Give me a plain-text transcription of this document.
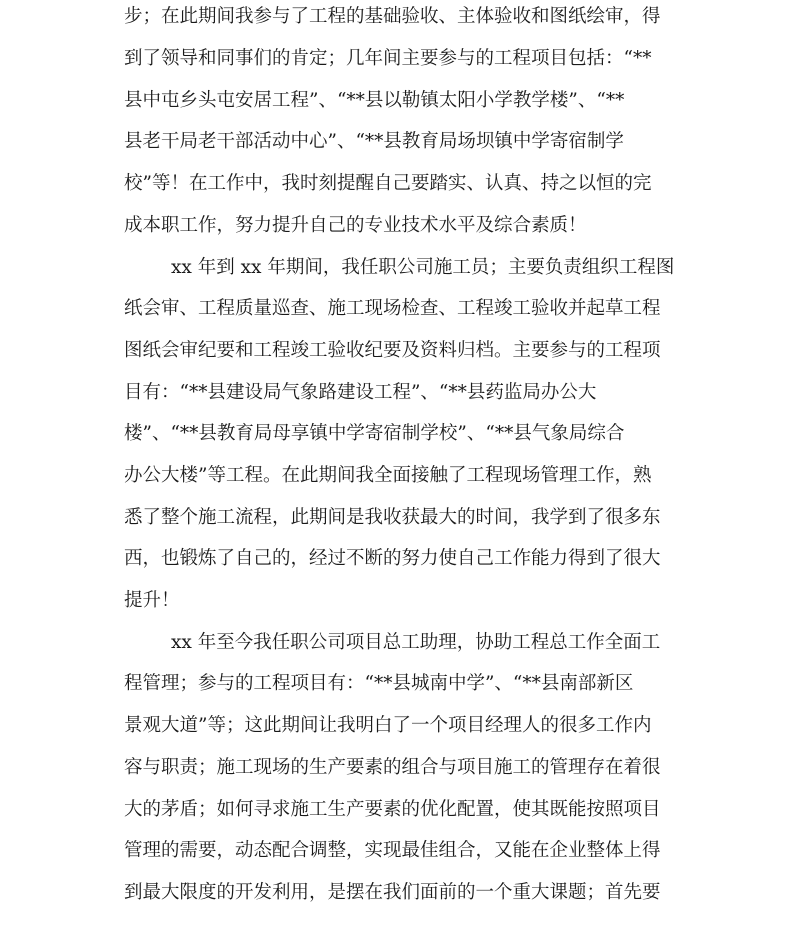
步；在此期间我参与了工程的基础验收、主体验收和图纸绘审，得

到了领导和同事们的肯定；几年间主要参与的工程项目包括：“**

县中屯乡头屯安居工程”、“**县以勒镇太阳小学教学楼”、“**

县老干局老干部活动中心”、“**县教育局场坝镇中学寄宿制学

校”等！在工作中，我时刻提醒自己要踏实、认真、持之以恒的完

成本职工作，努力提升自己的专业技术水平及综合素质！

xx 年到 xx 年期间，我任职公司施工员；主要负责组织工程图

纸会审、工程质量巡查、施工现场检查、工程竣工验收并起草工程

图纸会审纪要和工程竣工验收纪要及资料归档。主要参与的工程项

目有：“**县建设局气象路建设工程”、“**县药监局办公大

楼”、“**县教育局母享镇中学寄宿制学校”、“**县气象局综合

办公大楼”等工程。在此期间我全面接触了工程现场管理工作，熟

悉了整个施工流程，此期间是我收获最大的时间，我学到了很多东

西，也锻炼了自己的，经过不断的努力使自己工作能力得到了很大

提升！

xx 年至今我任职公司项目总工助理，协助工程总工作全面工

程管理；参与的工程项目有：“**县城南中学”、“**县南部新区

景观大道”等；这此期间让我明白了一个项目经理人的很多工作内

容与职责；施工现场的生产要素的组合与项目施工的管理存在着很

大的茅盾；如何寻求施工生产要素的优化配置，使其既能按照项目

管理的需要，动态配合调整，实现最佳组合，又能在企业整体上得

到最大限度的开发利用，是摆在我们面前的一个重大课题；首先要
